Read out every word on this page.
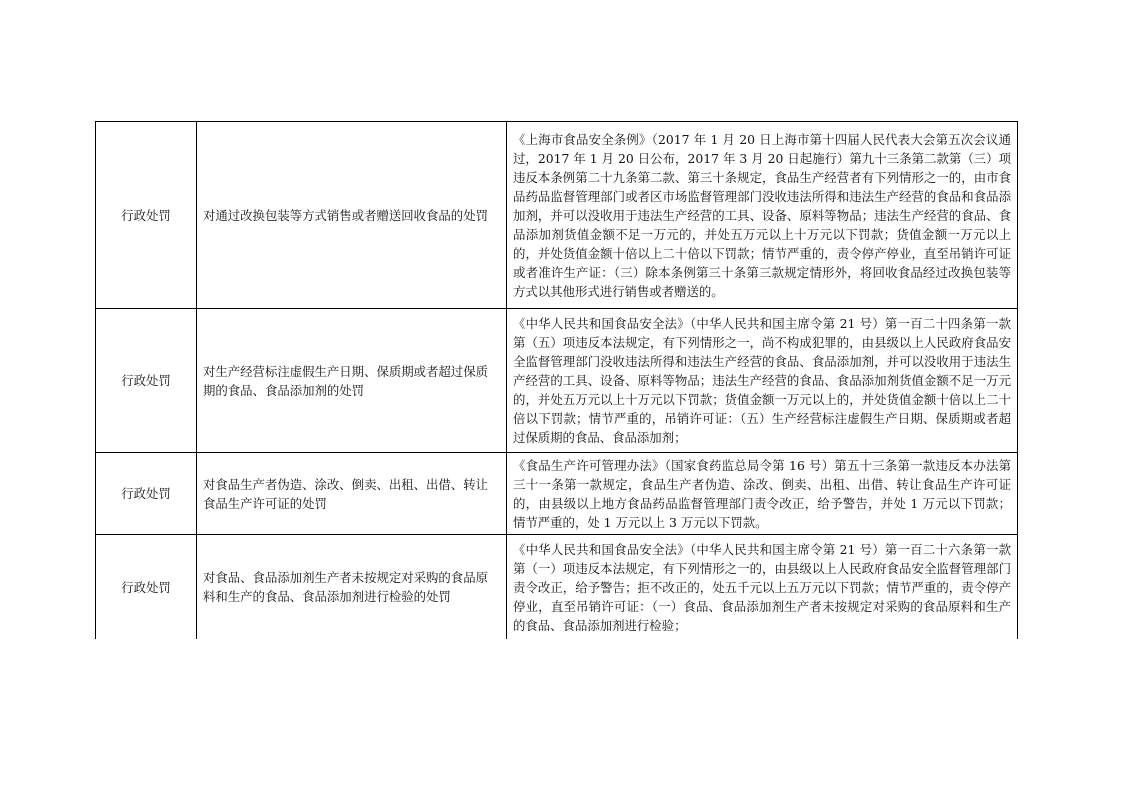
行政处罚	对通过改换包装等方式销售或者赠送回收食品的处罚	《上海市食品安全条例》（2017 年 1 月 20 日上海市第十四届人民代表大会第五次会议通过，2017 年 1 月 20 日公布，2017 年 3 月 20 日起施行）第九十三条第二款第（三）项违反本条例第二十九条第二款、第三十条规定，食品生产经营者有下列情形之一的，由市食品药品监督管理部门或者区市场监督管理部门没收违法所得和违法生产经营的食品和食品添加剂，并可以没收用于违法生产经营的工具、设备、原料等物品；违法生产经营的食品、食品添加剂货值金额不足一万元的，并处五万元以上十万元以下罚款；货值金额一万元以上的，并处货值金额十倍以上二十倍以下罚款；情节严重的，责令停产停业，直至吊销许可证或者准许生产证：（三）除本条例第三十条第三款规定情形外，将回收食品经过改换包装等方式以其他形式进行销售或者赠送的。
行政处罚	对生产经营标注虚假生产日期、保质期或者超过保质期的食品、食品添加剂的处罚	《中华人民共和国食品安全法》（中华人民共和国主席令第 21 号）第一百二十四条第一款第（五）项违反本法规定，有下列情形之一，尚不构成犯罪的，由县级以上人民政府食品安全监督管理部门没收违法所得和违法生产经营的食品、食品添加剂，并可以没收用于违法生产经营的工具、设备、原料等物品；违法生产经营的食品、食品添加剂货值金额不足一万元的，并处五万元以上十万元以下罚款；货值金额一万元以上的，并处货值金额十倍以上二十倍以下罚款；情节严重的，吊销许可证：（五）生产经营标注虚假生产日期、保质期或者超过保质期的食品、食品添加剂；
行政处罚	对食品生产者伪造、涂改、倒卖、出租、出借、转让食品生产许可证的处罚	《食品生产许可管理办法》（国家食药监总局令第 16 号）第五十三条第一款违反本办法第三十一条第一款规定，食品生产者伪造、涂改、倒卖、出租、出借、转让食品生产许可证的，由县级以上地方食品药品监督管理部门责令改正，给予警告，并处 1 万元以下罚款；情节严重的，处 1 万元以上 3 万元以下罚款。
行政处罚	对食品、食品添加剂生产者未按规定对采购的食品原料和生产的食品、食品添加剂进行检验的处罚	《中华人民共和国食品安全法》（中华人民共和国主席令第 21 号）第一百二十六条第一款第（一）项违反本法规定，有下列情形之一的，由县级以上人民政府食品安全监督管理部门责令改正，给予警告；拒不改正的，处五千元以上五万元以下罚款；情节严重的，责令停产停业，直至吊销许可证：（一）食品、食品添加剂生产者未按规定对采购的食品原料和生产的食品、食品添加剂进行检验；
